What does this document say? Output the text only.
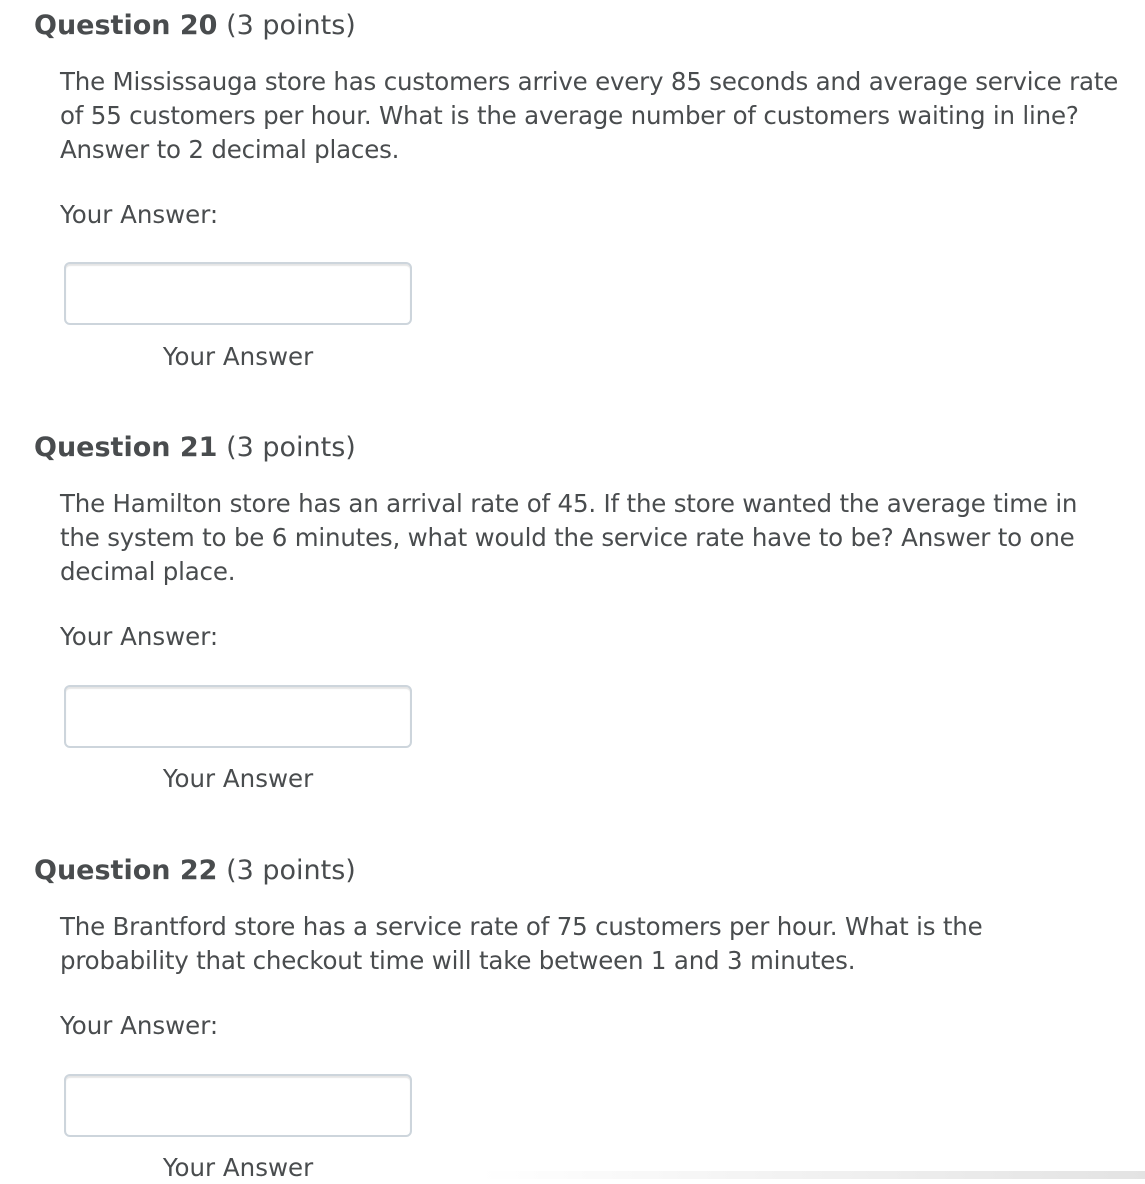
Question 20 (3 points)
The Mississauga store has customers arrive every 85 seconds and average service rate
of 55 customers per hour. What is the average number of customers waiting in line?
Answer to 2 decimal places.
Your Answer:
Your Answer
Question 21 (3 points)
The Hamilton store has an arrival rate of 45. If the store wanted the average time in
the system to be 6 minutes, what would the service rate have to be? Answer to one
decimal place.
Your Answer:
Your Answer
Question 22 (3 points)
The Brantford store has a service rate of 75 customers per hour. What is the
probability that checkout time will take between 1 and 3 minutes.
Your Answer:
Your Answer
